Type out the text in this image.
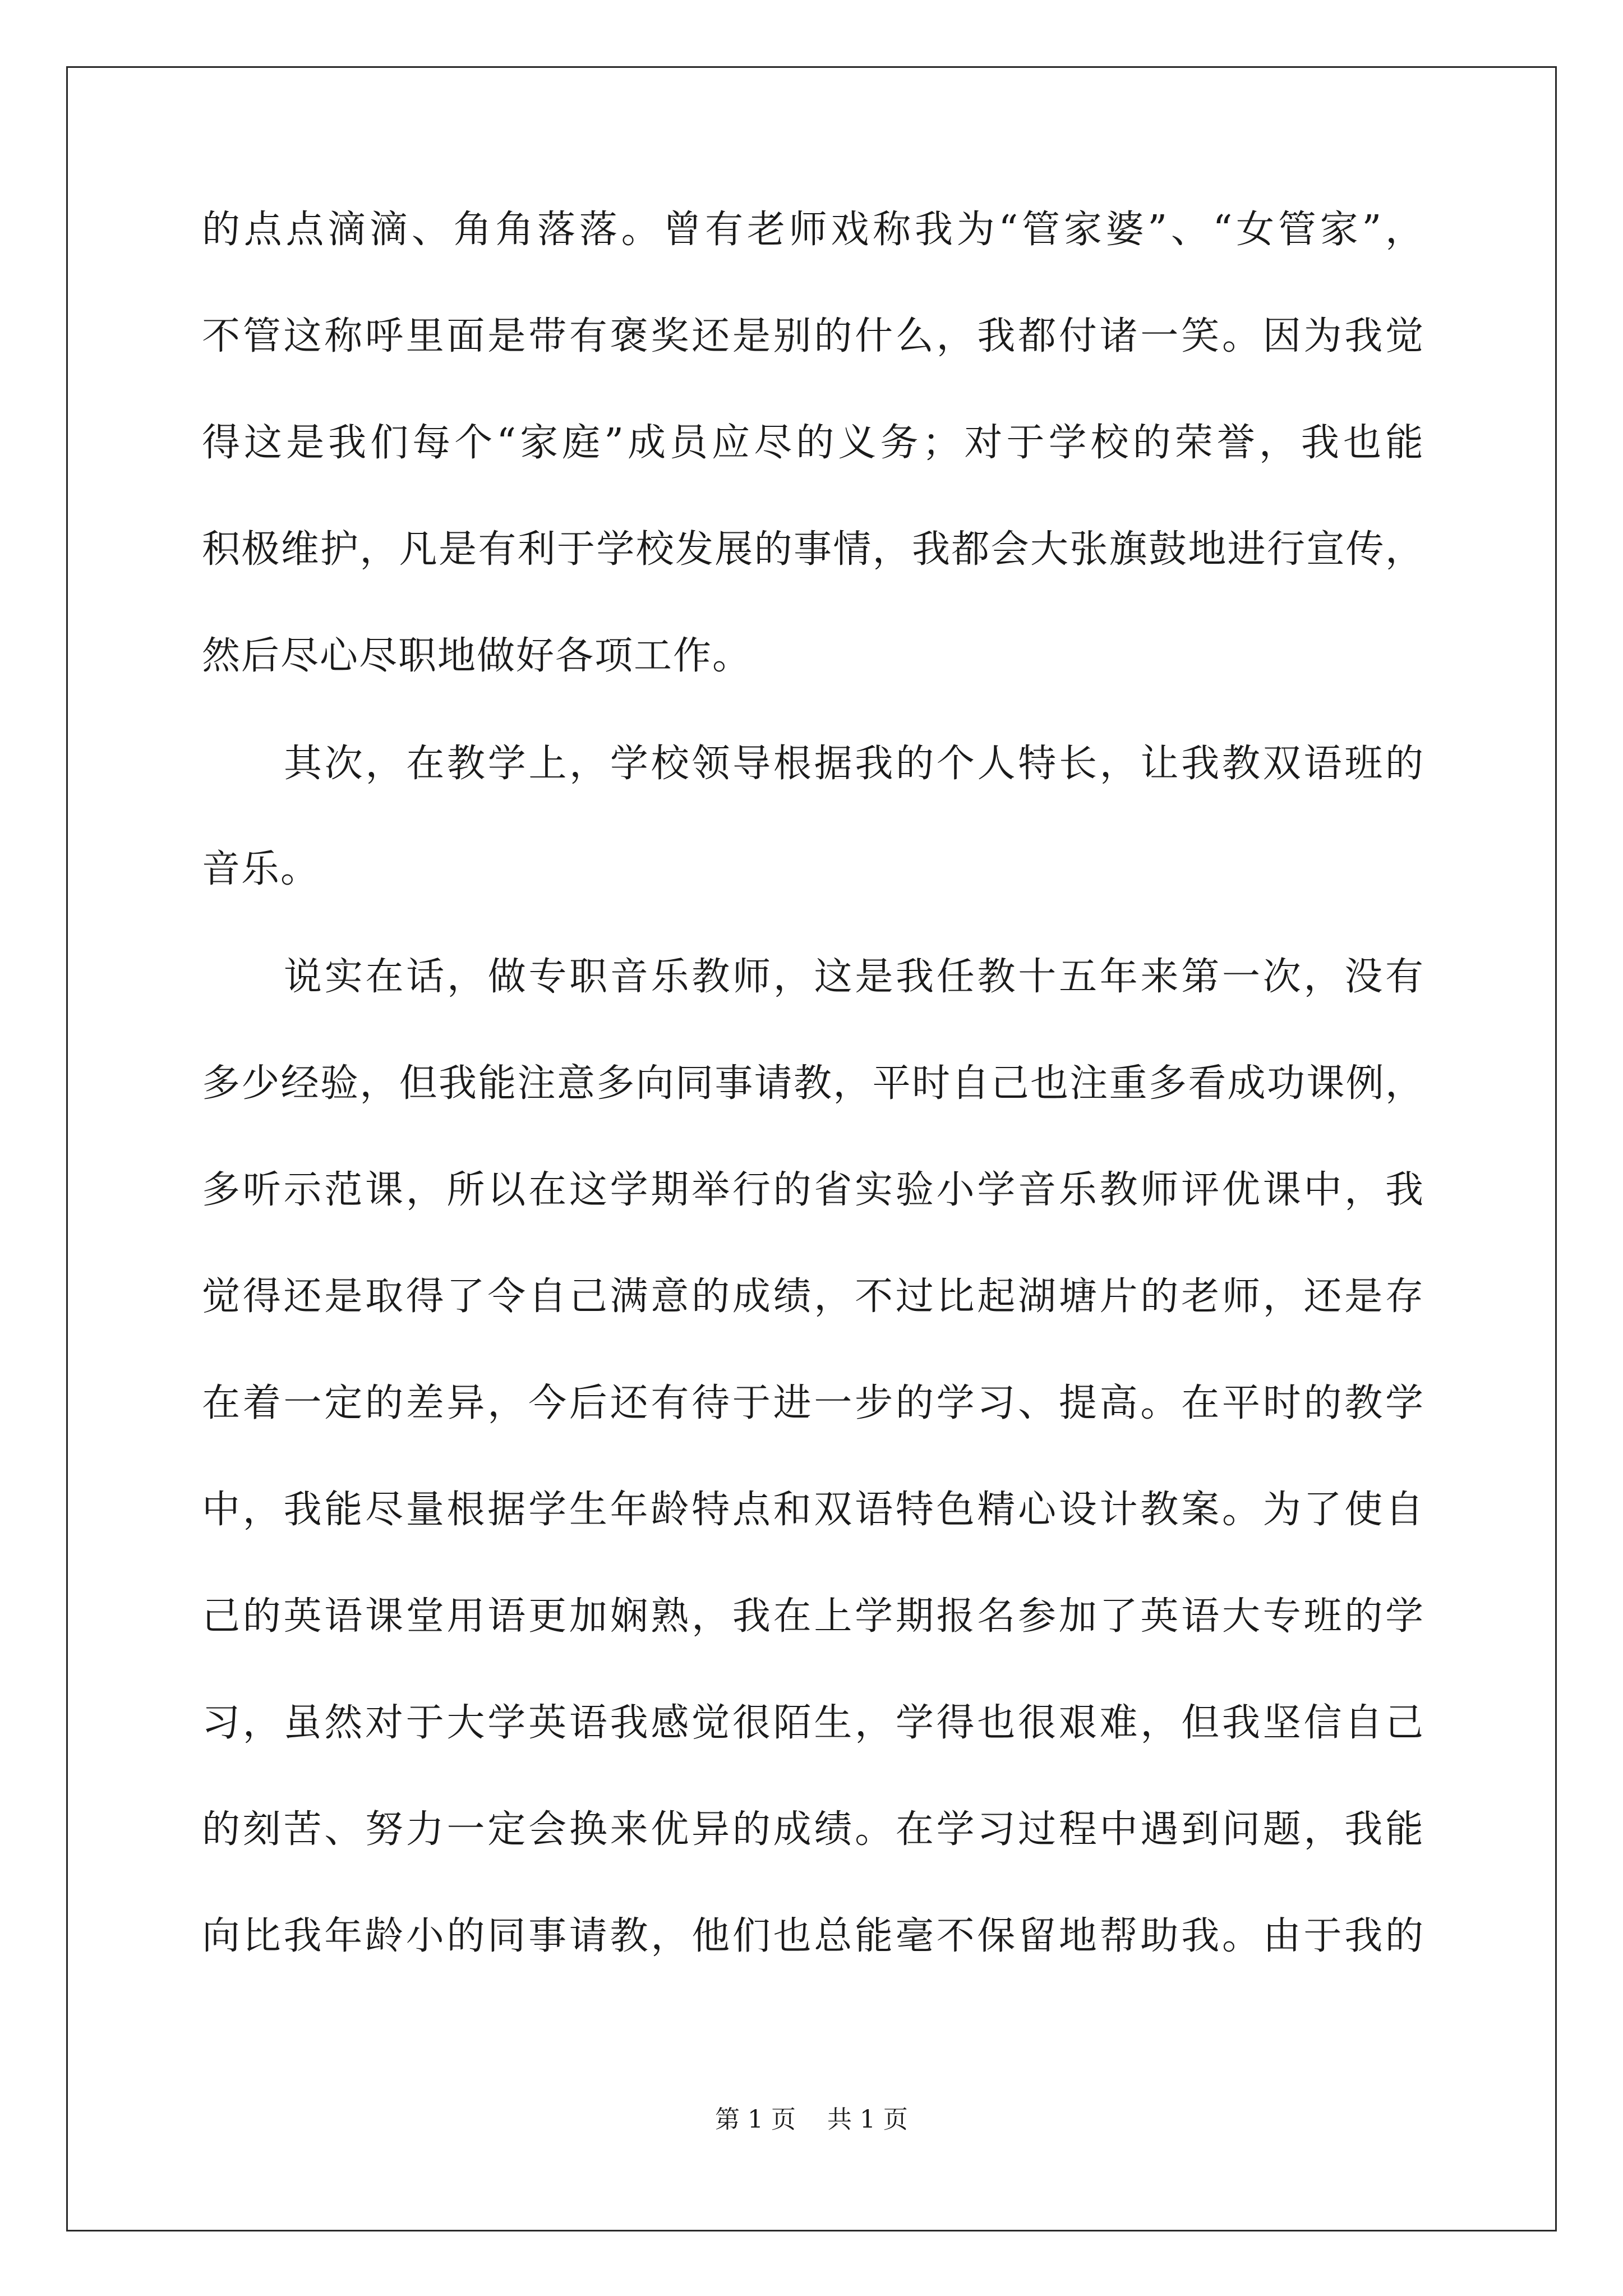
的点点滴滴、角角落落。曾有老师戏称我为“管家婆”、“女管家”，
不管这称呼里面是带有褒奖还是别的什么，我都付诸一笑。因为我觉
得这是我们每个“家庭”成员应尽的义务；对于学校的荣誉，我也能
积极维护，凡是有利于学校发展的事情，我都会大张旗鼓地进行宣传，
然后尽心尽职地做好各项工作。
其次，在教学上，学校领导根据我的个人特长，让我教双语班的
音乐。
说实在话，做专职音乐教师，这是我任教十五年来第一次，没有
多少经验，但我能注意多向同事请教，平时自己也注重多看成功课例，
多听示范课，所以在这学期举行的省实验小学音乐教师评优课中，我
觉得还是取得了令自己满意的成绩，不过比起湖塘片的老师，还是存
在着一定的差异，今后还有待于进一步的学习、提高。在平时的教学
中，我能尽量根据学生年龄特点和双语特色精心设计教案。为了使自
己的英语课堂用语更加娴熟，我在上学期报名参加了英语大专班的学
习，虽然对于大学英语我感觉很陌生，学得也很艰难，但我坚信自己
的刻苦、努力一定会换来优异的成绩。在学习过程中遇到问题，我能
向比我年龄小的同事请教，他们也总能毫不保留地帮助我。由于我的
第 1 页    共 1 页
